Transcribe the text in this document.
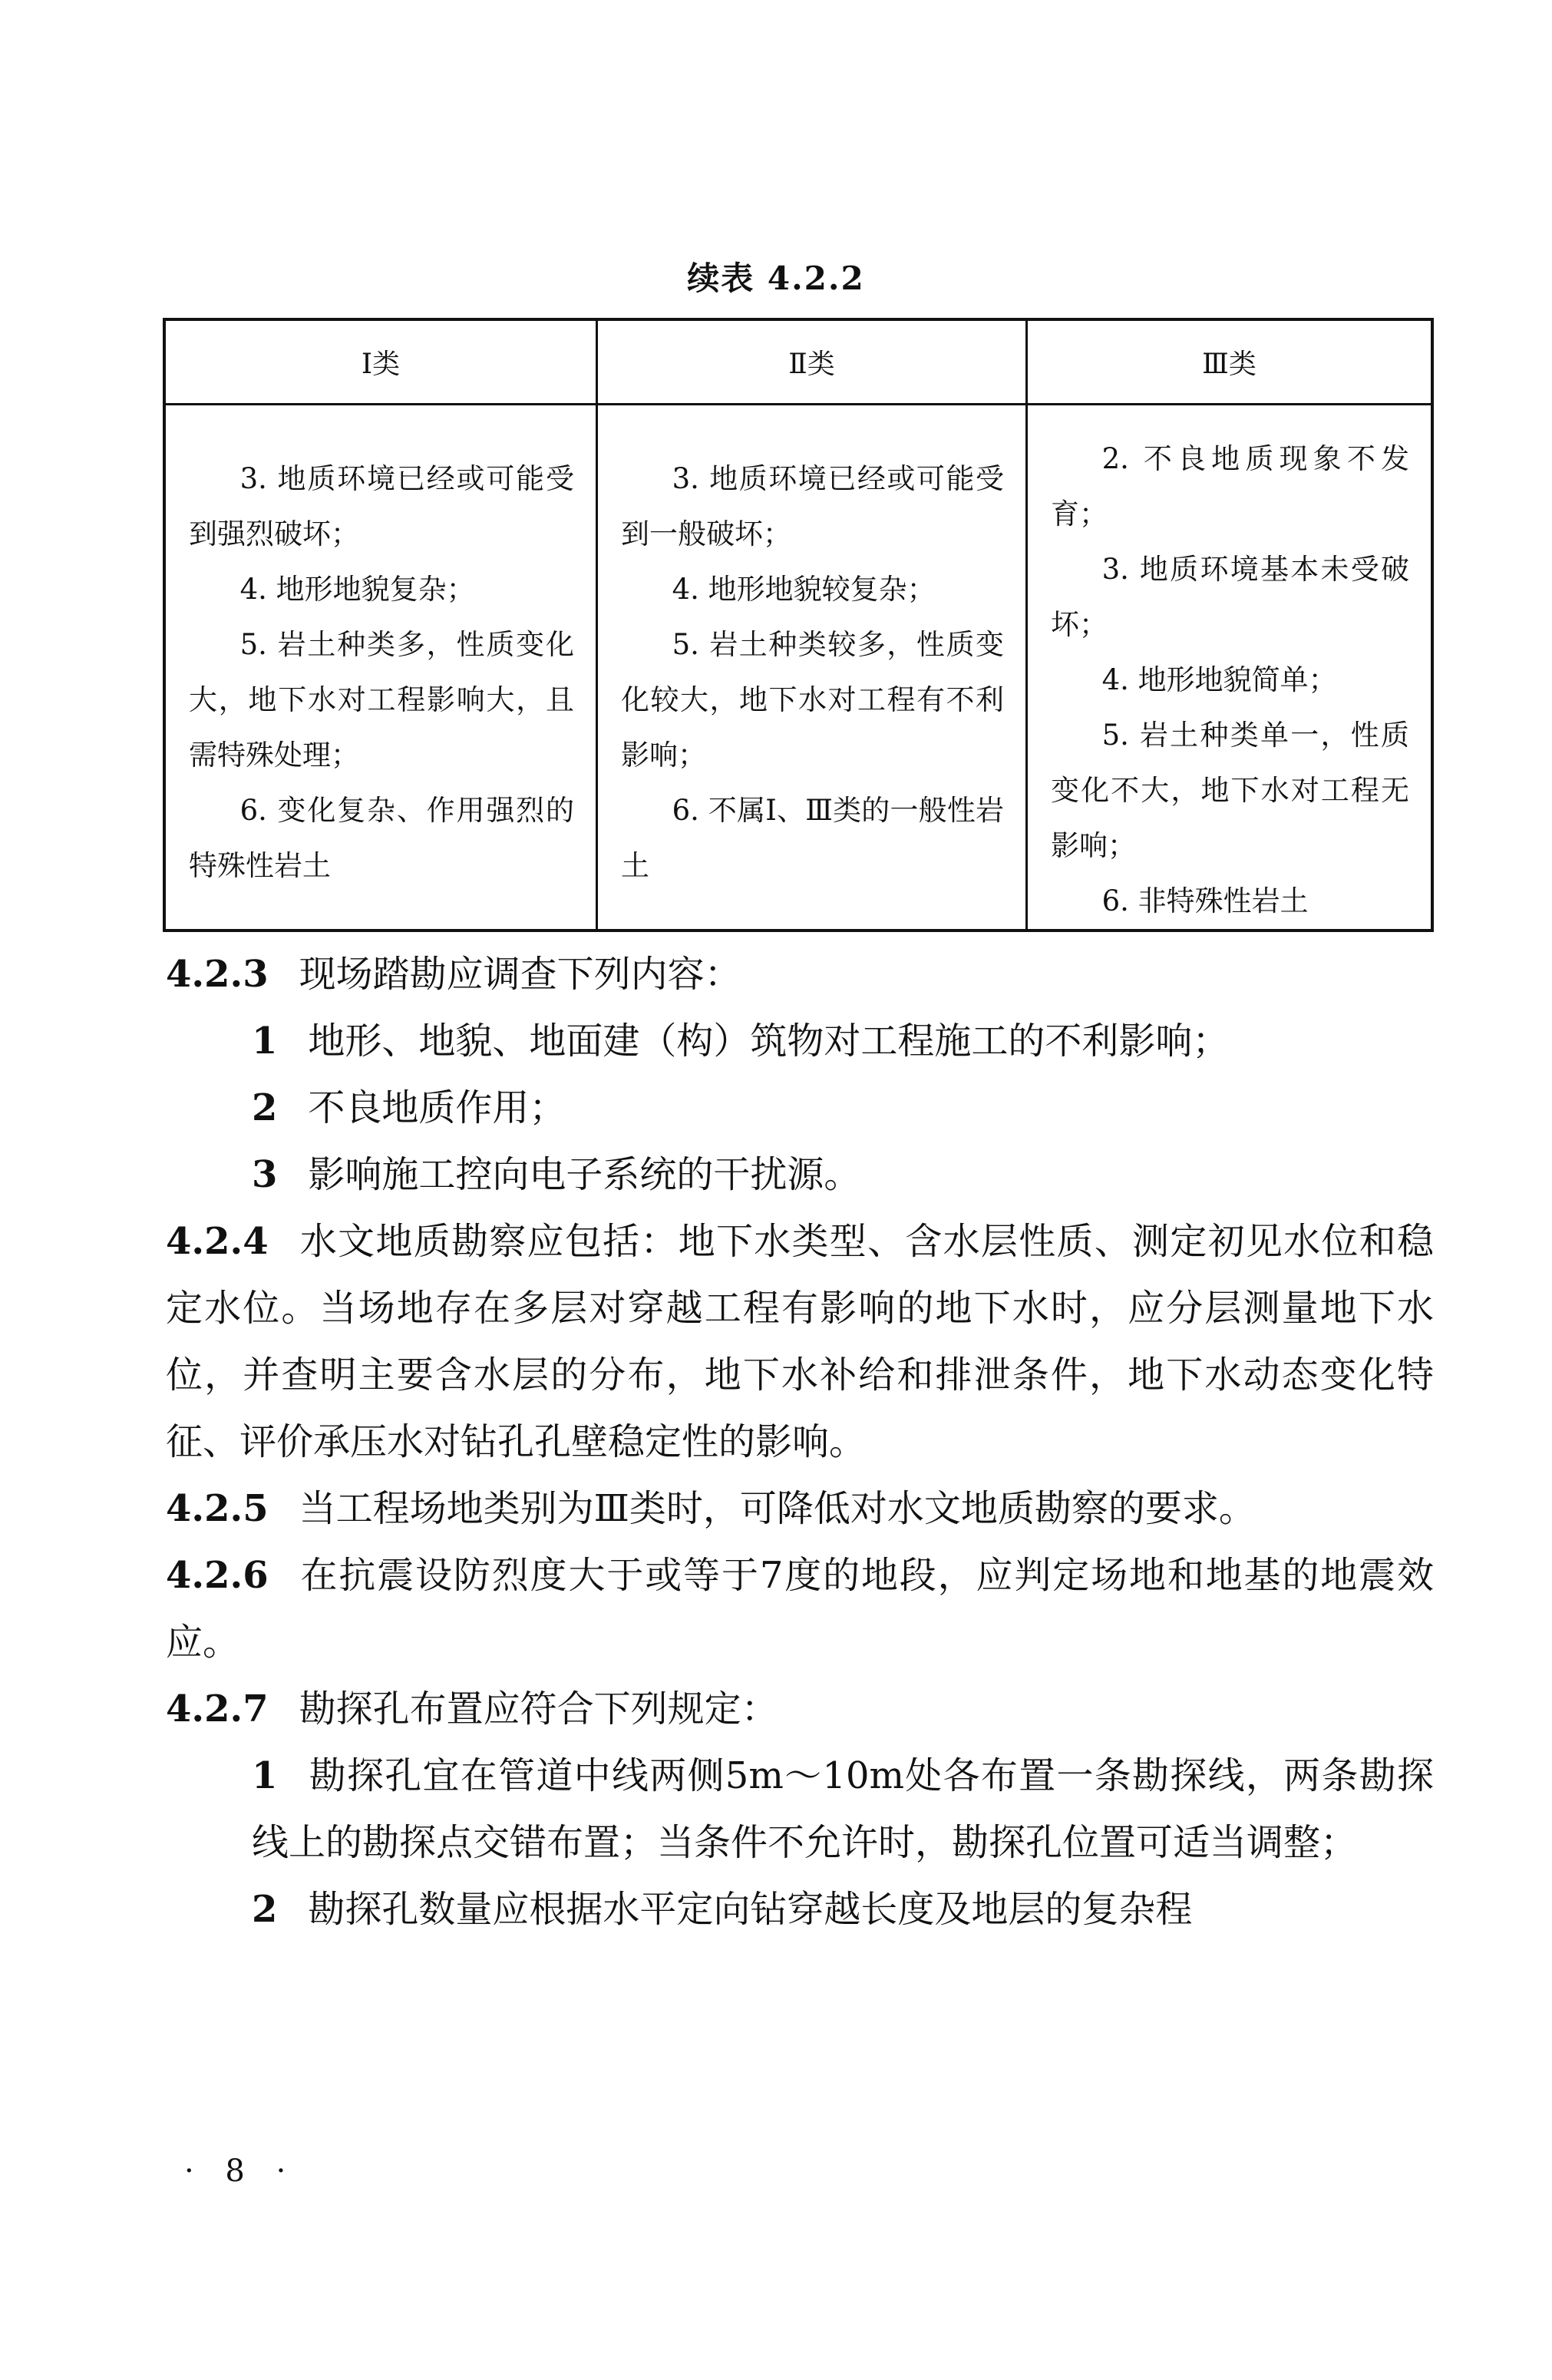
续表 4.2.2
Ⅰ类	Ⅱ类	Ⅲ类

3. 地质环境已经或可能受到强烈破坏；

4. 地形地貌复杂；

5. 岩土种类多，性质变化大，地下水对工程影响大，且需特殊处理；

6. 变化复杂、作用强烈的特殊性岩土

3. 地质环境已经或可能受到一般破坏；

4. 地形地貌较复杂；

5. 岩土种类较多，性质变化较大，地下水对工程有不利影响；

6. 不属Ⅰ、Ⅲ类的一般性岩土

2. 不良地质现象不发育；

3. 地质环境基本未受破坏；

4. 地形地貌简单；

5. 岩土种类单一，性质变化不大，地下水对工程无影响；

6. 非特殊性岩土

4.2.3 现场踏勘应调查下列内容：

1 地形、地貌、地面建（构）筑物对工程施工的不利影响；

2 不良地质作用；

3 影响施工控向电子系统的干扰源。

4.2.4 水文地质勘察应包括：地下水类型、含水层性质、测定初见水位和稳定水位。当场地存在多层对穿越工程有影响的地下水时，应分层测量地下水位，并查明主要含水层的分布，地下水补给和排泄条件，地下水动态变化特征、评价承压水对钻孔孔壁稳定性的影响。

4.2.5 当工程场地类别为Ⅲ类时，可降低对水文地质勘察的要求。

4.2.6 在抗震设防烈度大于或等于7度的地段，应判定场地和地基的地震效应。

4.2.7 勘探孔布置应符合下列规定：

1 勘探孔宜在管道中线两侧5m～10m处各布置一条勘探线，两条勘探线上的勘探点交错布置；当条件不允许时，勘探孔位置可适当调整；

2 勘探孔数量应根据水平定向钻穿越长度及地层的复杂程

· 8 ·
